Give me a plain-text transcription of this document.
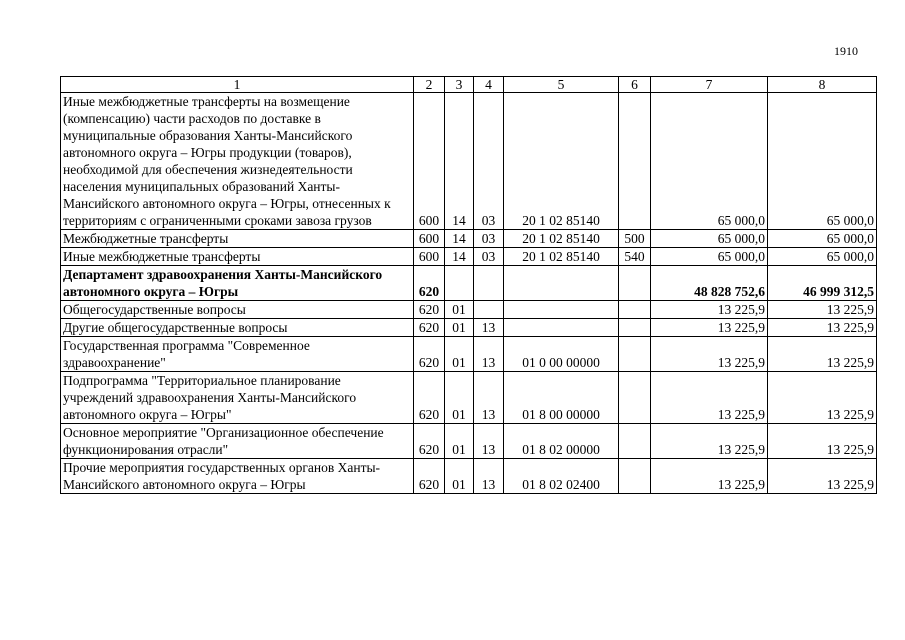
1910
1	2	3	4	5	6	7	8
Иные межбюджетные трансферты на возмещение (компенсацию) части расходов по доставке в муниципальные образования Ханты-Мансийского автономного округа – Югры продукции (товаров), необходимой для обеспечения жизнедеятельности населения муниципальных образований Ханты-Мансийского автономного округа – Югры, отнесенных к территориям с ограниченными сроками завоза грузов	600	14	03	20 1 02 85140		65 000,0	65 000,0
Межбюджетные трансферты	600	14	03	20 1 02 85140	500	65 000,0	65 000,0
Иные межбюджетные трансферты	600	14	03	20 1 02 85140	540	65 000,0	65 000,0
Департамент здравоохранения Ханты-Мансийского автономного округа – Югры	620					48 828 752,6	46 999 312,5
Общегосударственные вопросы	620	01				13 225,9	13 225,9
Другие общегосударственные вопросы	620	01	13			13 225,9	13 225,9
Государственная программа "Современное здравоохранение"	620	01	13	01 0 00 00000		13 225,9	13 225,9
Подпрограмма "Территориальное планирование учреждений здравоохранения Ханты-Мансийского автономного округа – Югры"	620	01	13	01 8 00 00000		13 225,9	13 225,9
Основное мероприятие "Организационное обеспечение функционирования отрасли"	620	01	13	01 8 02 00000		13 225,9	13 225,9
Прочие мероприятия государственных органов Ханты-Мансийского автономного округа – Югры	620	01	13	01 8 02 02400		13 225,9	13 225,9
